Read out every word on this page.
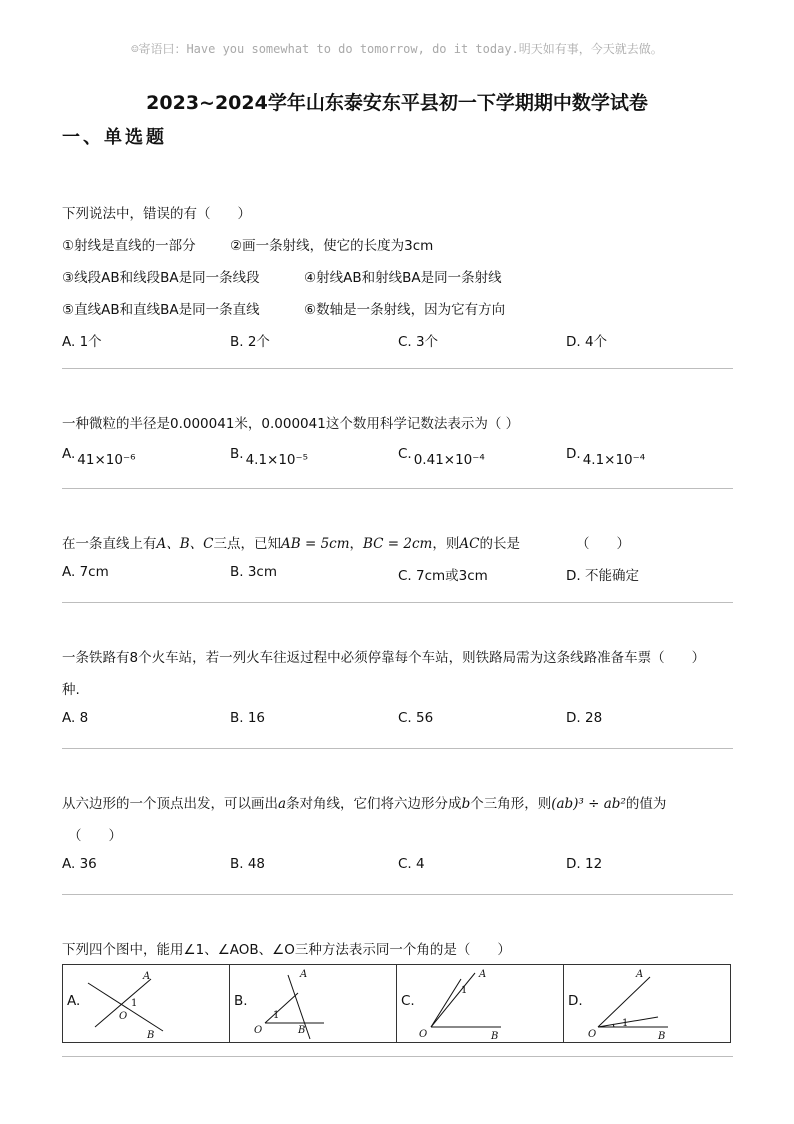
☺寄语曰：Have you somewhat to do tomorrow, do it today.明天如有事，今天就去做。
2023~2024学年山东泰安东平县初一下学期期中数学试卷
一、单选题
下列说法中，错误的有（　　）
①射线是直线的一部分	②画一条射线，使它的长度为3cm
③线段AB和线段BA是同一条线段	④射线AB和射线BA是同一条射线
⑤直线AB和直线BA是同一条直线	⑥数轴是一条射线，因为它有方向
A. 1个	B. 2个	C. 3个	D. 4个
一种微粒的半径是0.000041米，0.000041这个数用科学记数法表示为（ ）
A. 41×10⁻⁶	B. 4.1×10⁻⁵	C. 0.41×10⁻⁴	D. 4.1×10⁻⁴
在一条直线上有A、B、C三点，已知AB = 5cm，BC = 2cm，则AC的长是	（　　）
A. 7cm	B. 3cm	C. 7cm或3cm	D. 不能确定
一条铁路有8个火车站，若一列火车往返过程中必须停靠每个车站，则铁路局需为这条线路准备车票（　　）
种.
A. 8	B. 16	C. 56	D. 28
从六边形的一个顶点出发，可以画出a条对角线，它们将六边形分成b个三角形，则(ab)³ ÷ ab²的值为
（　　）
A. 36	B. 48	C. 4	D. 12
下列四个图中，能用∠1、∠AOB、∠O三种方法表示同一个角的是（　　）
A.
A
O
B
1	B.
A
O	B
1
C.
A
O	B
1
D.
A
O	B
1
